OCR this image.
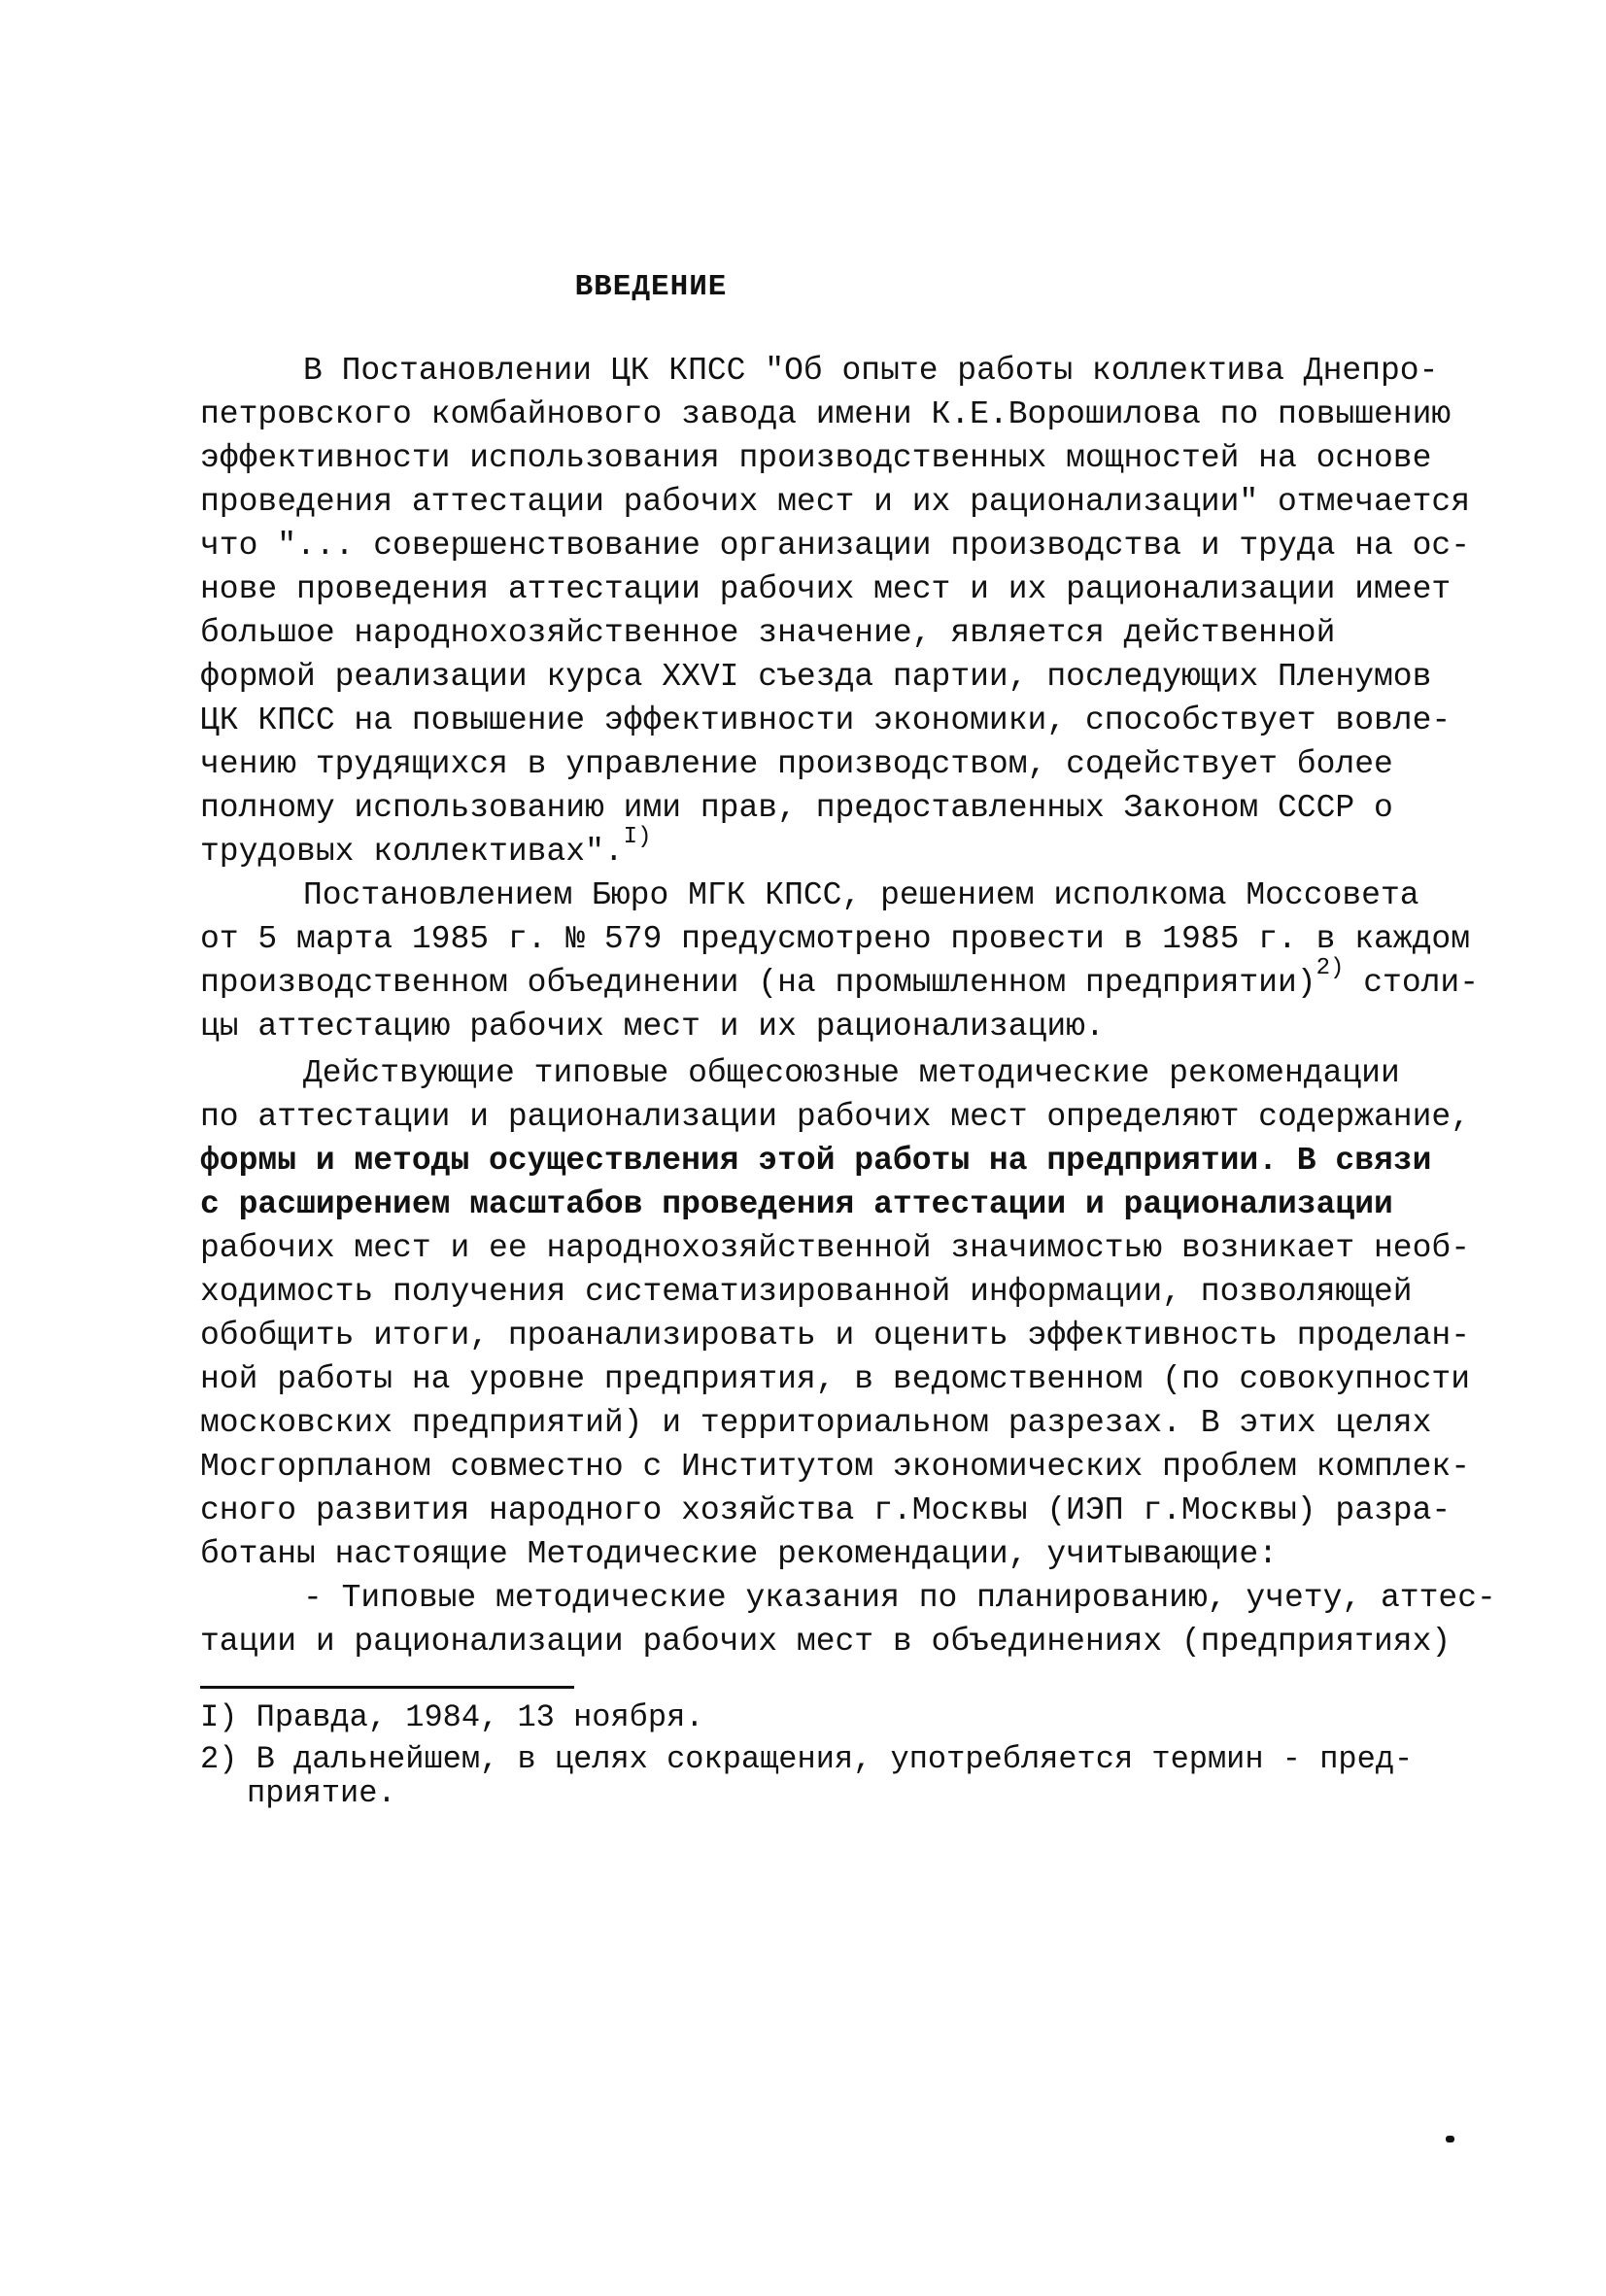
ВВЕДЕНИЕ
В Постановлении ЦК КПСС "Об опыте работы коллектива Днепро-
петровского комбайнового завода имени К.Е.Ворошилова по повышению
эффективности использования производственных мощностей на основе
проведения аттестации рабочих мест и их рационализации" отмечается
что "... совершенствование организации производства и труда на ос-
нове проведения аттестации рабочих мест и их рационализации имеет
большое народнохозяйственное значение, является действенной
формой реализации курса XXVI съезда партии, последующих Пленумов
ЦК КПСС на повышение эффективности экономики, способствует вовле-
чению трудящихся в управление производством, содействует более
полному использованию ими прав, предоставленных Законом СССР о
трудовых коллективах".$^{I)}$
Постановлением Бюро МГК КПСС, решением исполкома Моссовета
от 5 марта 1985 г. № 579 предусмотрено провести в 1985 г. в каждом
производственном объединении (на промышленном предприятии)$^{2)}$ столи-
цы аттестацию рабочих мест и их рационализацию.
Действующие типовые общесоюзные методические рекомендации
по аттестации и рационализации рабочих мест определяют содержание,
формы и методы осуществления этой работы на предприятии. В связи
с расширением масштабов проведения аттестации и рационализации
рабочих мест и ее народнохозяйственной значимостью возникает необ-
ходимость получения систематизированной информации, позволяющей
обобщить итоги, проанализировать и оценить эффективность проделан-
ной работы на уровне предприятия, в ведомственном (по совокупности
московских предприятий) и территориальном разрезах. В этих целях
Мосгорпланом совместно с Институтом экономических проблем комплек-
сного развития народного хозяйства г.Москвы (ИЭП г.Москвы) разра-
ботаны настоящие Методические рекомендации, учитывающие:
- Типовые методические указания по планированию, учету, аттес-
тации и рационализации рабочих мест в объединениях (предприятиях)
I) Правда, 1984, 13 ноября.
2) В дальнейшем, в целях сокращения, употребляется термин - пред-
приятие.
